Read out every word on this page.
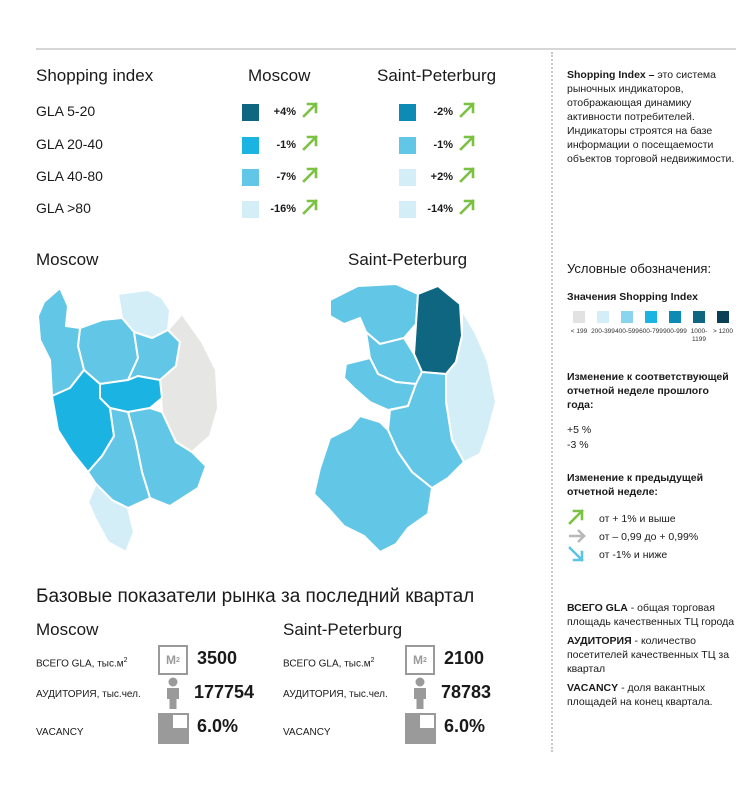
Shopping index	Moscow	Saint-Peterburg
GLA 5-20	+4%	-2%
GLA 20-40	-1%	-1%
GLA 40-80	-7%	+2%
GLA >80	-16%	-14%
Moscow	Saint-Peterburg
Базовые показатели рынка за последний квартал
Moscow	Saint-Peterburg
ВСЕГО GLA, $тыс.м^2$	M 2 3500
АУДИТОРИЯ, тыс.чел.	177754
VACANCY	6.0%
ВСЕГО GLA, $тыс.м^2$	M 2 2100
АУДИТОРИЯ, тыс.чел.	78783
VACANCY	6.0%
Shopping Index – это система рыночных индикаторов, отображающая динамику активности потребителей. Индикаторы строятся на базе информации о посещаемости объектов торговой недвижимости.
Условные обозначения:
Значения Shopping Index
< 199 200-399 400-599 600-799 900-999 1000-1199
> 1200
Изменение к соответствующей отчетной неделе прошлого года:
+5 %
-3 %
Изменение к предыдущей отчетной неделе:
от + 1% и выше
от – 0,99 до + 0,99%
от -1% и ниже
ВСЕГО GLA - общая торговая площадь качественных ТЦ города
АУДИТОРИЯ - количество посетителей качественных ТЦ за квартал
VACANCY - доля вакантных площадей на конец квартала.
